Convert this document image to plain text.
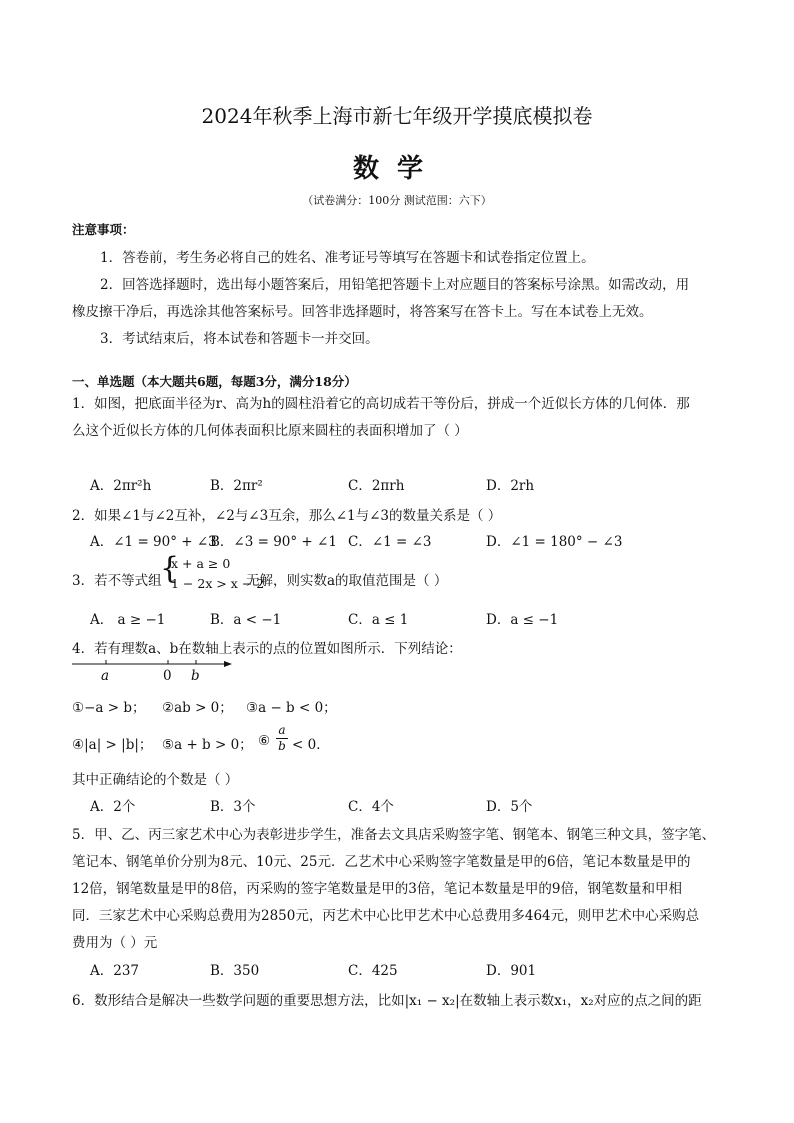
2024年秋季上海市新七年级开学摸底模拟卷
数学
（试卷满分：100分 测试范围：六下）
注意事项：
1．答卷前，考生务必将自己的姓名、准考证号等填写在答题卡和试卷指定位置上。
2．回答选择题时，选出每小题答案后，用铅笔把答题卡上对应题目的答案标号涂黑。如需改动，用
橡皮擦干净后，再选涂其他答案标号。回答非选择题时，将答案写在答卡上。写在本试卷上无效。
3．考试结束后，将本试卷和答题卡一并交回。
一、单选题（本大题共6题，每题3分，满分18分）
1．如图，把底面半径为r、高为h的圆柱沿着它的高切成若干等份后，拼成一个近似长方体的几何体．那
么这个近似长方体的几何体表面积比原来圆柱的表面积增加了（ ）
A．2πr²h	B．2πr²	C．2πrh	D．2rh
2．如果∠1与∠2互补，∠2与∠3互余，那么∠1与∠3的数量关系是（ ）
A．∠1 = 90° + ∠3
B．∠3 = 90° + ∠1 C．∠1 = ∠3	D．∠1 = 180° − ∠3
3．若不等式组
{
x + a ≥ 0
1 − 2x > x − 2
无解，则实数a的取值范围是（ ）
A． a ≥ −1	B．a < −1	C．a ≤ 1	D．a ≤ −1
4．若有理数a、b在数轴上表示的点的位置如图所示．下列结论：
a	0 b
①−a > b； ②ab > 0； ③a − b < 0；
④|a| > |b|； ⑤a + b > 0； ⑥
a
b < 0．
其中正确结论的个数是（ ）
A．2个	B．3个	C．4个	D．5个
5．甲、乙、丙三家艺术中心为表彰进步学生，准备去文具店采购签字笔、钢笔本、钢笔三种文具，签字笔、
笔记本、钢笔单价分别为8元、10元、25元．乙艺术中心采购签字笔数量是甲的6倍，笔记本数量是甲的
12倍，钢笔数量是甲的8倍，丙采购的签字笔数量是甲的3倍，笔记本数量是甲的9倍，钢笔数量和甲相
同．三家艺术中心采购总费用为2850元，丙艺术中心比甲艺术中心总费用多464元，则甲艺术中心采购总
费用为（ ）元
A．237	B．350	C．425	D．901
6．数形结合是解决一些数学问题的重要思想方法，比如|x₁ − x₂|在数轴上表示数x₁，x₂对应的点之间的距
